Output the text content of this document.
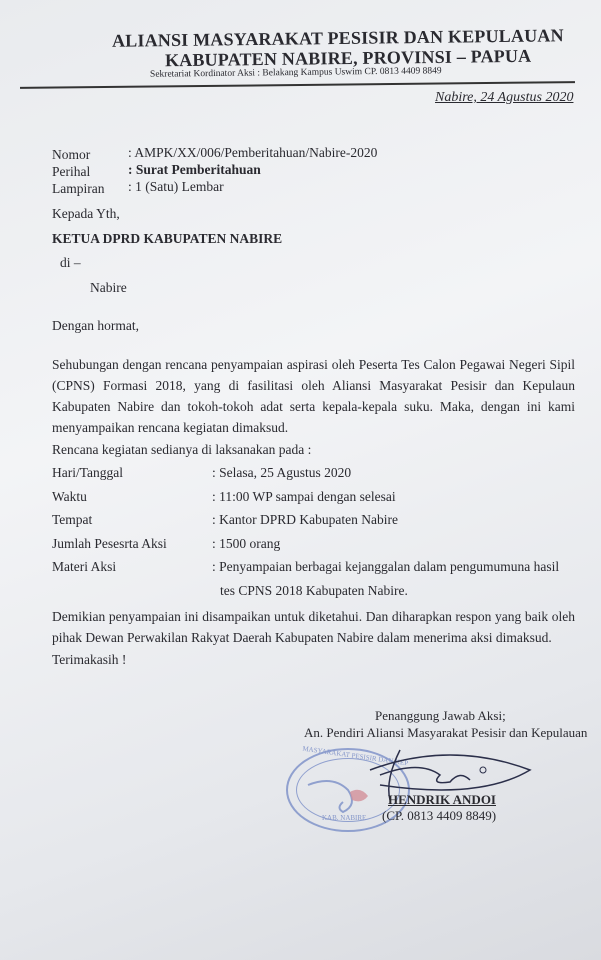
ALIANSI MASYARAKAT PESISIR DAN KEPULAUAN
KABUPATEN NABIRE, PROVINSI – PAPUA
Sekretariat Kordinator Aksi : Belakang Kampus Uswim CP. 0813 4409 8849
Nabire, 24 Agustus 2020
Nomor	: AMPK/XX/006/Pemberitahuan/Nabire-2020
Perihal	: Surat Pemberitahuan
Lampiran : 1 (Satu) Lembar
Kepada Yth,
KETUA DPRD KABUPATEN NABIRE
di –
Nabire
Dengan hormat,
Sehubungan dengan rencana penyampaian aspirasi oleh Peserta Tes Calon Pegawai Negeri Sipil (CPNS) Formasi 2018, yang di fasilitasi oleh Aliansi Masyarakat Pesisir dan Kepulaun Kabupaten Nabire dan tokoh-tokoh adat serta kepala-kepala suku. Maka, dengan ini kami menyampaikan rencana kegiatan dimaksud.
Rencana kegiatan sedianya di laksanakan pada :
Hari/Tanggal	: Selasa, 25 Agustus 2020
Waktu	: 11:00 WP sampai dengan selesai
Tempat	: Kantor DPRD Kabupaten Nabire
Jumlah Pesesrta Aksi	: 1500 orang
Materi Aksi	: Penyampaian berbagai kejanggalan dalam pengumumuna hasil
tes CPNS 2018 Kabupaten Nabire.
Demikian penyampaian ini disampaikan untuk diketahui. Dan diharapkan respon yang baik oleh pihak Dewan Perwakilan Rakyat Daerah Kabupaten Nabire dalam menerima aksi dimaksud.
Terimakasih !
Penanggung Jawab Aksi;
An. Pendiri Aliansi Masyarakat Pesisir dan Kepulauan
MASYARAKAT PESISIR DAN KEP
KAB. NABIRE
HENDRIK ANDOI
(CP. 0813 4409 8849)
